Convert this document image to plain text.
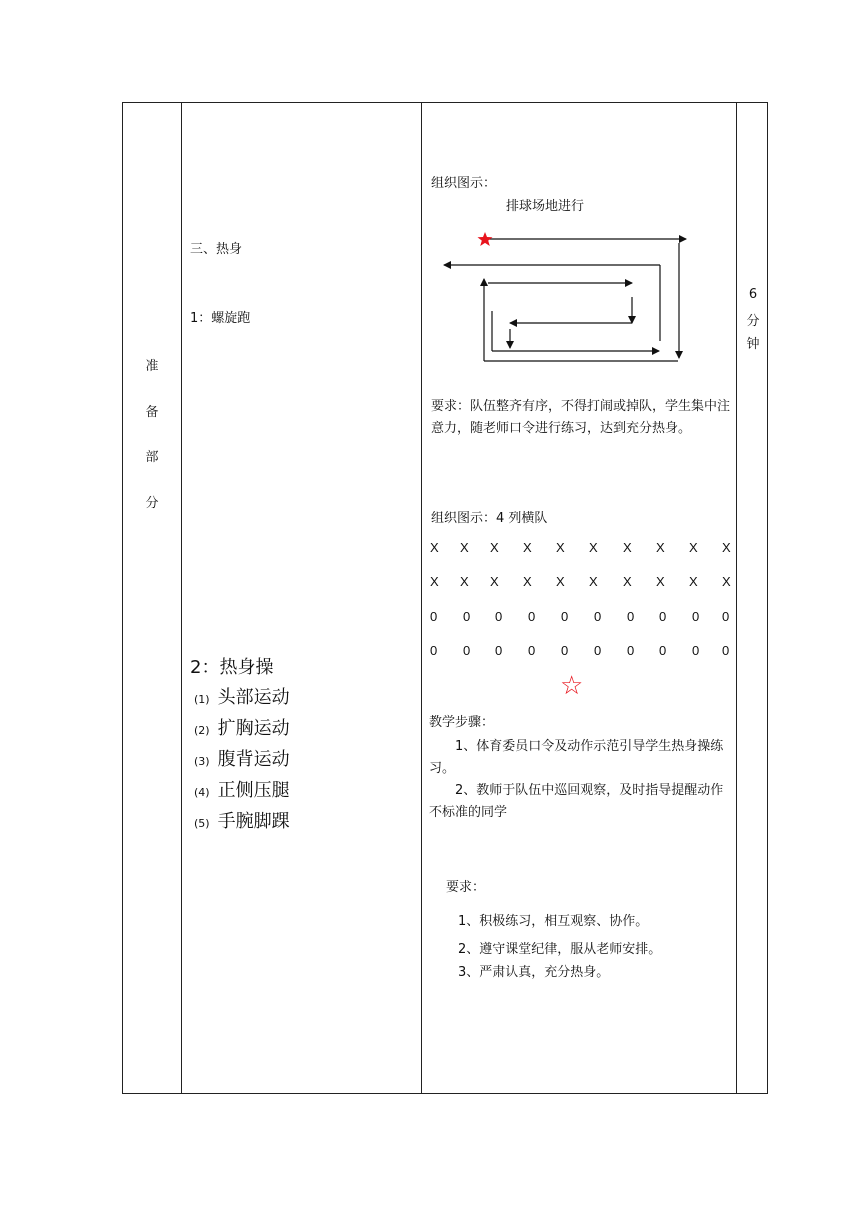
准
备
部
分
三、热身
1：螺旋跑
2：热身操
(1) 头部运动
(2) 扩胸运动
(3) 腹背运动
(4) 正侧压腿
(5) 手腕脚踝
组织图示：
排球场地进行
要求：队伍整齐有序，不得打闹或掉队，学生集中注意力，随老师口令进行练习，达到充分热身。
组织图示：4 列横队
X X X X X X X X X X
X X X X X X X X X X
0 0 0 0 0 0 0 0 0 0
0 0 0 0 0 0 0 0 0 0
☆
教学步骤：
1、体育委员口令及动作示范引导学生热身操练习。
2、教师于队伍中巡回观察，及时指导提醒动作不标准的同学
要求：
1、积极练习，相互观察、协作。
2、遵守课堂纪律，服从老师安排。
3、严肃认真，充分热身。
6
分
钟
